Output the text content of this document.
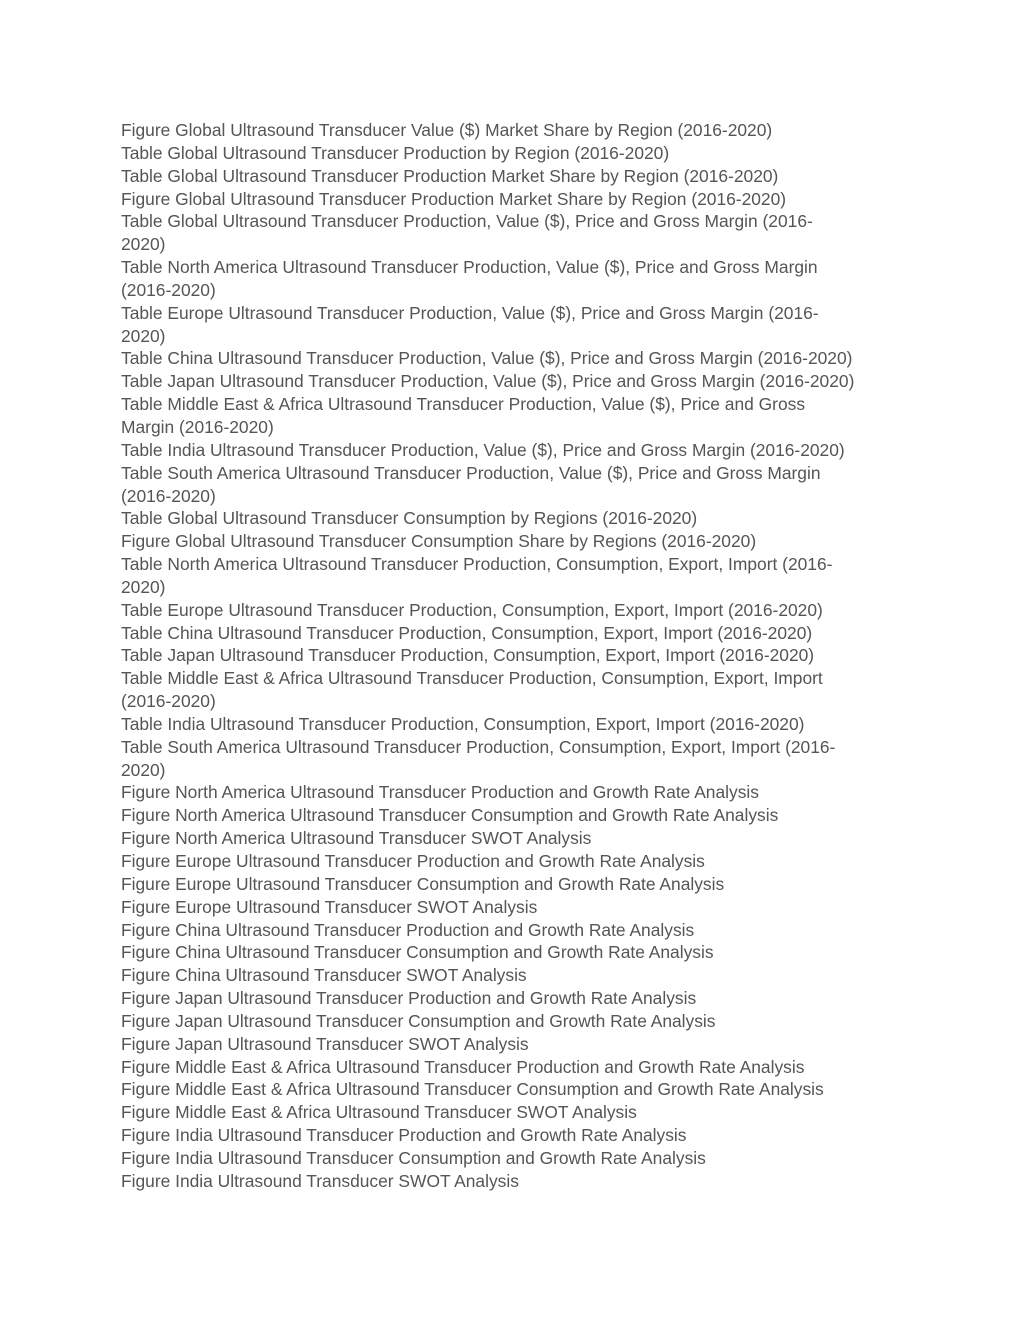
Figure Global Ultrasound Transducer Value ($) Market Share by Region (2016-2020)
Table Global Ultrasound Transducer Production by Region (2016-2020)
Table Global Ultrasound Transducer Production Market Share by Region (2016-2020)
Figure Global Ultrasound Transducer Production Market Share by Region (2016-2020)
Table Global Ultrasound Transducer Production, Value ($), Price and Gross Margin (2016-
2020)
Table North America Ultrasound Transducer Production, Value ($), Price and Gross Margin
(2016-2020)
Table Europe Ultrasound Transducer Production, Value ($), Price and Gross Margin (2016-
2020)
Table China Ultrasound Transducer Production, Value ($), Price and Gross Margin (2016-2020)
Table Japan Ultrasound Transducer Production, Value ($), Price and Gross Margin (2016-2020)
Table Middle East & Africa Ultrasound Transducer Production, Value ($), Price and Gross
Margin (2016-2020)
Table India Ultrasound Transducer Production, Value ($), Price and Gross Margin (2016-2020)
Table South America Ultrasound Transducer Production, Value ($), Price and Gross Margin
(2016-2020)
Table Global Ultrasound Transducer Consumption by Regions (2016-2020)
Figure Global Ultrasound Transducer Consumption Share by Regions (2016-2020)
Table North America Ultrasound Transducer Production, Consumption, Export, Import (2016-
2020)
Table Europe Ultrasound Transducer Production, Consumption, Export, Import (2016-2020)
Table China Ultrasound Transducer Production, Consumption, Export, Import (2016-2020)
Table Japan Ultrasound Transducer Production, Consumption, Export, Import (2016-2020)
Table Middle East & Africa Ultrasound Transducer Production, Consumption, Export, Import
(2016-2020)
Table India Ultrasound Transducer Production, Consumption, Export, Import (2016-2020)
Table South America Ultrasound Transducer Production, Consumption, Export, Import (2016-
2020)
Figure North America Ultrasound Transducer Production and Growth Rate Analysis
Figure North America Ultrasound Transducer Consumption and Growth Rate Analysis
Figure North America Ultrasound Transducer SWOT Analysis
Figure Europe Ultrasound Transducer Production and Growth Rate Analysis
Figure Europe Ultrasound Transducer Consumption and Growth Rate Analysis
Figure Europe Ultrasound Transducer SWOT Analysis
Figure China Ultrasound Transducer Production and Growth Rate Analysis
Figure China Ultrasound Transducer Consumption and Growth Rate Analysis
Figure China Ultrasound Transducer SWOT Analysis
Figure Japan Ultrasound Transducer Production and Growth Rate Analysis
Figure Japan Ultrasound Transducer Consumption and Growth Rate Analysis
Figure Japan Ultrasound Transducer SWOT Analysis
Figure Middle East & Africa Ultrasound Transducer Production and Growth Rate Analysis
Figure Middle East & Africa Ultrasound Transducer Consumption and Growth Rate Analysis
Figure Middle East & Africa Ultrasound Transducer SWOT Analysis
Figure India Ultrasound Transducer Production and Growth Rate Analysis
Figure India Ultrasound Transducer Consumption and Growth Rate Analysis
Figure India Ultrasound Transducer SWOT Analysis
